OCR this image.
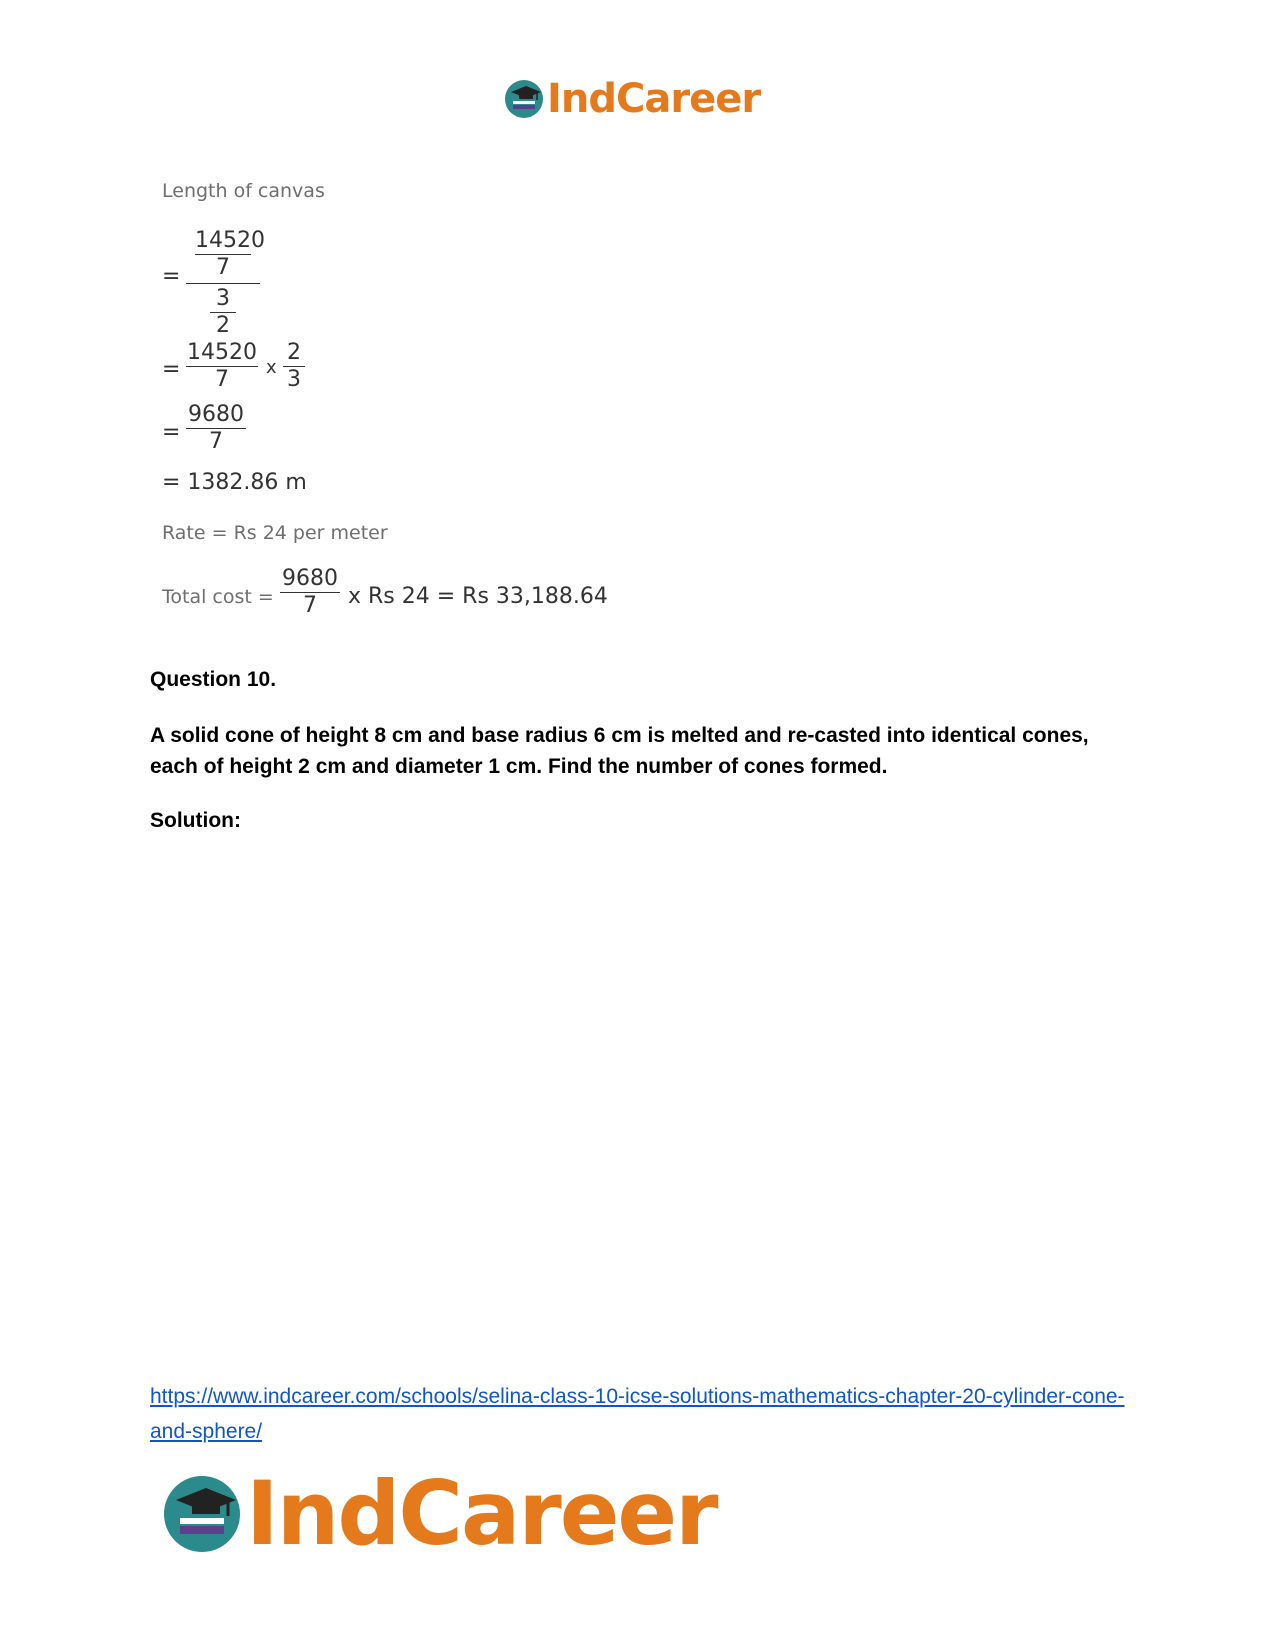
IndCareer
Length of canvas
=
14520
7
3
2
=
14520
7	x
2
3
=
9680
7
= 1382.86 m
Rate = Rs 24 per meter
Total cost =
9680
7	x Rs 24 = Rs 33,188.64
Question 10.
A solid cone of height 8 cm and base radius 6 cm is melted and re-casted into identical cones, each of height 2 cm and diameter 1 cm. Find the number of cones formed.
Solution:
https://www.indcareer.com/schools/selina-class-10-icse-solutions-mathematics-chapter-20-cylinder-cone-and-sphere/
IndCareer
